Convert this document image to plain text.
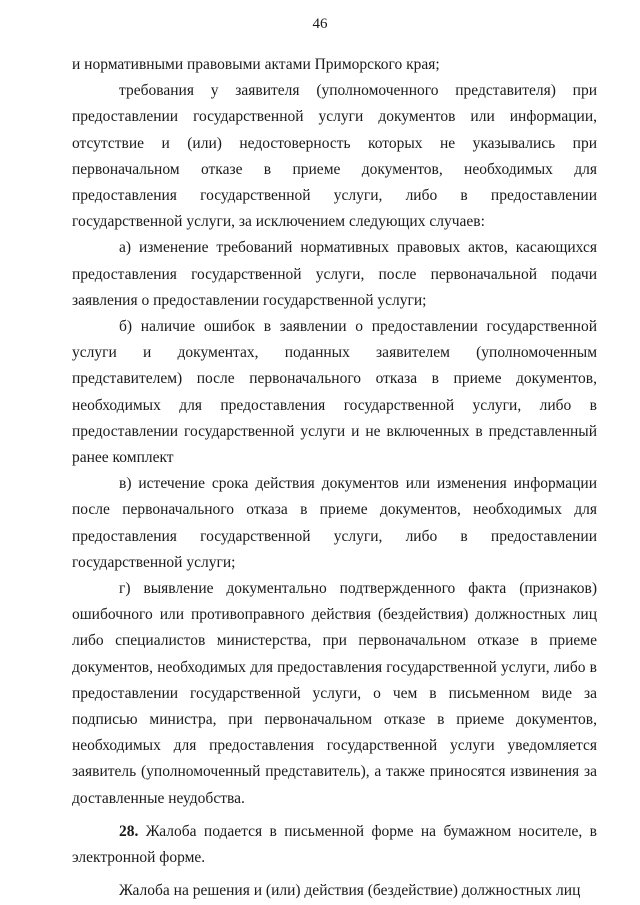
46

и нормативными правовыми актами Приморского края;

требования у заявителя (уполномоченного представителя) при предоставлении государственной услуги документов или информации, отсутствие и (или) недостоверность которых не указывались при первоначальном отказе в приеме документов, необходимых для предоставления государственной услуги, либо в предоставлении государственной услуги, за исключением следующих случаев:

а) изменение требований нормативных правовых актов, касающихся предоставления государственной услуги, после первоначальной подачи заявления о предоставлении государственной услуги;

б) наличие ошибок в заявлении о предоставлении государственной услуги и документах, поданных заявителем (уполномоченным представителем) после первоначального отказа в приеме документов, необходимых для предоставления государственной услуги, либо в предоставлении государственной услуги и не включенных в представленный ранее комплект

в) истечение срока действия документов или изменения информации после первоначального отказа в приеме документов, необходимых для предоставления государственной услуги, либо в предоставлении государственной услуги;

г) выявление документально подтвержденного факта (признаков) ошибочного или противоправного действия (бездействия) должностных лиц либо специалистов министерства, при первоначальном отказе в приеме документов, необходимых для предоставления государственной услуги, либо в предоставлении государственной услуги, о чем в письменном виде за подписью министра, при первоначальном отказе в приеме документов, необходимых для предоставления государственной услуги уведомляется заявитель (уполномоченный представитель), а также приносятся извинения за доставленные неудобства.

28. Жалоба подается в письменной форме на бумажном носителе, в электронной форме.

Жалоба на решения и (или) действия (бездействие) должностных лиц
